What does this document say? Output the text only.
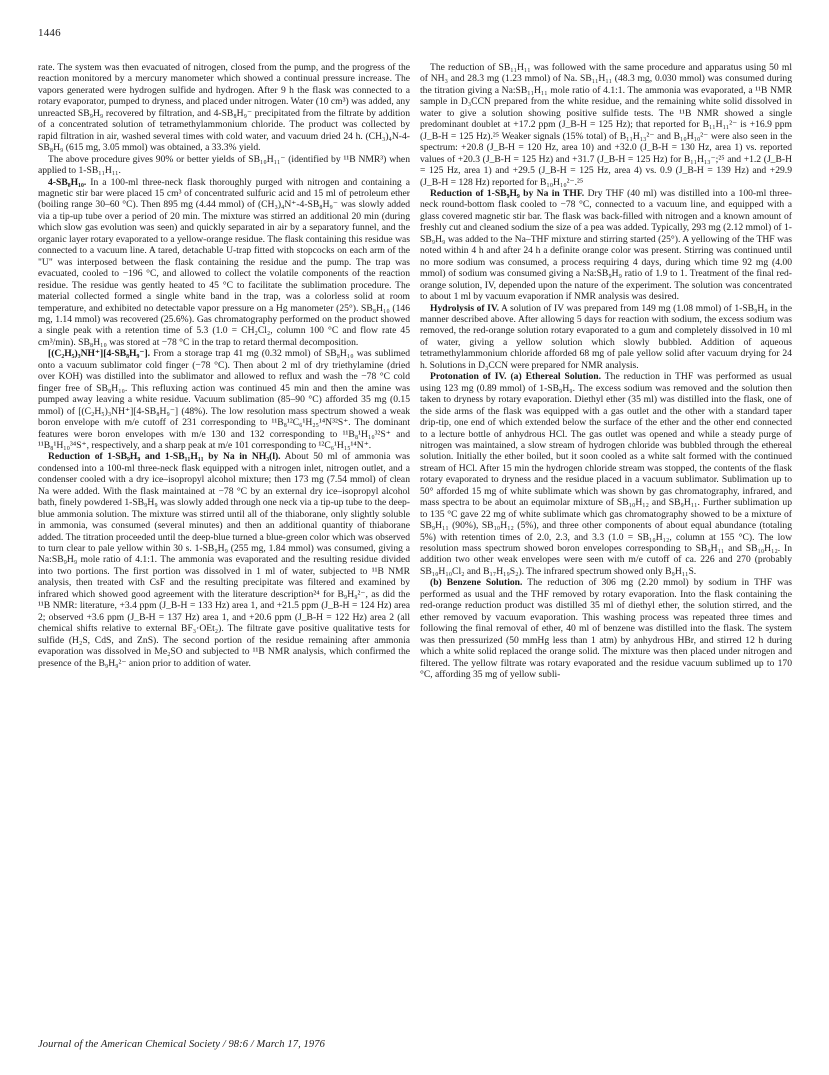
1446

rate. The system was then evacuated of nitrogen, closed from the pump, and the progress of the reaction monitored by a mercury manometer which showed a continual pressure increase. The vapors generated were hydrogen sulfide and hydrogen. After 9 h the flask was connected to a rotary evaporator, pumped to dryness, and placed under nitrogen. Water (10 cm³) was added, any unreacted SB₉H₉ recovered by filtration, and 4-SB₈H₉⁻ precipitated from the filtrate by addition of a concentrated solution of tetramethylammonium chloride. The product was collected by rapid filtration in air, washed several times with cold water, and vacuum dried 24 h. (CH₃)₄N-4-SB₈H₉ (615 mg, 3.05 mmol) was obtained, a 33.3% yield.

The above procedure gives 90% or better yields of SB₁₀H₁₁⁻ (identified by ¹¹B NMR³) when applied to 1-SB₁₁H₁₁.

4-SB₈H₁₀. In a 100-ml three-neck flask thoroughly purged with nitrogen and containing a magnetic stir bar were placed 15 cm³ of concentrated sulfuric acid and 15 ml of petroleum ether (boiling range 30–60 °C). Then 895 mg (4.44 mmol) of (CH₃)₄N⁺-4-SB₈H₉⁻ was slowly added via a tip-up tube over a period of 20 min. The mixture was stirred an additional 20 min (during which slow gas evolution was seen) and quickly separated in air by a separatory funnel, and the organic layer rotary evaporated to a yellow-orange residue. The flask containing this residue was connected to a vacuum line. A tared, detachable U-trap fitted with stopcocks on each arm of the "U" was interposed between the flask containing the residue and the pump. The trap was evacuated, cooled to −196 °C, and allowed to collect the volatile components of the reaction residue. The residue was gently heated to 45 °C to facilitate the sublimation procedure. The material collected formed a single white band in the trap, was a colorless solid at room temperature, and exhibited no detectable vapor pressure on a Hg manometer (25°). SB₈H₁₀ (146 mg, 1.14 mmol) was recovered (25.6%). Gas chromatography performed on the product showed a single peak with a retention time of 5.3 (1.0 = CH₂Cl₂, column 100 °C and flow rate 45 cm³/min). SB₈H₁₀ was stored at −78 °C in the trap to retard thermal decomposition.

[(C₂H₅)₃NH⁺][4-SB₈H₉⁻]. From a storage trap 41 mg (0.32 mmol) of SB₈H₁₀ was sublimed onto a vacuum sublimator cold finger (−78 °C). Then about 2 ml of dry triethylamine (dried over KOH) was distilled into the sublimator and allowed to reflux and wash the −78 °C cold finger free of SB₈H₁₀. This refluxing action was continued 45 min and then the amine was pumped away leaving a white residue. Vacuum sublimation (85–90 °C) afforded 35 mg (0.15 mmol) of [(C₂H₅)₃NH⁺][4-SB₈H₉⁻] (48%). The low resolution mass spectrum showed a weak boron envelope with m/e cutoff of 231 corresponding to ¹¹B₈¹²C₆¹H₂₅¹⁴N³²S⁺. The dominant features were boron envelopes with m/e 130 and 132 corresponding to ¹¹B₈¹H₁₀³²S⁺ and ¹¹B₈¹H₁₀³⁴S⁺, respectively, and a sharp peak at m/e 101 corresponding to ¹²C₆¹H₁₅¹⁴N⁺.

Reduction of 1-SB₉H₉ and 1-SB₁₁H₁₁ by Na in NH₃(l). About 50 ml of ammonia was condensed into a 100-ml three-neck flask equipped with a nitrogen inlet, nitrogen outlet, and a condenser cooled with a dry ice–isopropyl alcohol mixture; then 173 mg (7.54 mmol) of clean Na were added. With the flask maintained at −78 °C by an external dry ice–isopropyl alcohol bath, finely powdered 1-SB₉H₉ was slowly added through one neck via a tip-up tube to the deep-blue ammonia solution. The mixture was stirred until all of the thiaborane, only slightly soluble in ammonia, was consumed (several minutes) and then an additional quantity of thiaborane added. The titration proceeded until the deep-blue turned a blue-green color which was observed to turn clear to pale yellow within 30 s. 1-SB₉H₉ (255 mg, 1.84 mmol) was consumed, giving a Na:SB₉H₉ mole ratio of 4.1:1. The ammonia was evaporated and the resulting residue divided into two portions. The first portion was dissolved in 1 ml of water, subjected to ¹¹B NMR analysis, then treated with CsF and the resulting precipitate was filtered and examined by infrared which showed good agreement with the literature description²⁴ for B₉H₉²⁻, as did the ¹¹B NMR: literature, +3.4 ppm (J_B-H = 133 Hz) area 1, and +21.5 ppm (J_B-H = 124 Hz) area 2; observed +3.6 ppm (J_B-H = 137 Hz) area 1, and +20.6 ppm (J_B-H = 122 Hz) area 2 (all chemical shifts relative to external BF₃·OEt₂). The filtrate gave positive qualitative tests for sulfide (H₂S, CdS, and ZnS). The second portion of the residue remaining after ammonia evaporation was dissolved in Me₂SO and subjected to ¹¹B NMR analysis, which confirmed the presence of the B₉H₉²⁻ anion prior to addition of water.

The reduction of SB₁₁H₁₁ was followed with the same procedure and apparatus using 50 ml of NH₃ and 28.3 mg (1.23 mmol) of Na. SB₁₁H₁₁ (48.3 mg, 0.030 mmol) was consumed during the titration giving a Na:SB₁₁H₁₁ mole ratio of 4.1:1. The ammonia was evaporated, a ¹¹B NMR sample in D₃CCN prepared from the white residue, and the remaining white solid dissolved in water to give a solution showing positive sulfide tests. The ¹¹B NMR showed a single predominant doublet at +17.2 ppm (J_B-H = 125 Hz); that reported for B₁₁H₁₁²⁻ is +16.9 ppm (J_B-H = 125 Hz).²⁵ Weaker signals (15% total) of B₁₁H₁₃²⁻ and B₁₀H₁₀²⁻ were also seen in the spectrum: +20.8 (J_B-H = 120 Hz, area 10) and +32.0 (J_B-H = 130 Hz, area 1) vs. reported values of +20.3 (J_B-H = 125 Hz) and +31.7 (J_B-H = 125 Hz) for B₁₁H₁₃⁻;²⁵ and +1.2 (J_B-H = 125 Hz, area 1) and +29.5 (J_B-H = 125 Hz, area 4) vs. 0.9 (J_B-H = 139 Hz) and +29.9 (J_B-H = 128 Hz) reported for B₁₀H₁₀²⁻.²⁵

Reduction of 1-SB₉H₉ by Na in THF. Dry THF (40 ml) was distilled into a 100-ml three-neck round-bottom flask cooled to −78 °C, connected to a vacuum line, and equipped with a glass covered magnetic stir bar. The flask was back-filled with nitrogen and a known amount of freshly cut and cleaned sodium the size of a pea was added. Typically, 293 mg (2.12 mmol) of 1-SB₉H₉ was added to the Na–THF mixture and stirring started (25°). A yellowing of the THF was noted within 4 h and after 24 h a definite orange color was present. Stirring was continued until no more sodium was consumed, a process requiring 4 days, during which time 92 mg (4.00 mmol) of sodium was consumed giving a Na:SB₉H₉ ratio of 1.9 to 1. Treatment of the final red-orange solution, IV, depended upon the nature of the experiment. The solution was concentrated to about 1 ml by vacuum evaporation if NMR analysis was desired.

Hydrolysis of IV. A solution of IV was prepared from 149 mg (1.08 mmol) of 1-SB₉H₉ in the manner described above. After allowing 5 days for reaction with sodium, the excess sodium was removed, the red-orange solution rotary evaporated to a gum and completely dissolved in 10 ml of water, giving a yellow solution which slowly bubbled. Addition of aqueous tetramethylammonium chloride afforded 68 mg of pale yellow solid after vacuum drying for 24 h. Solutions in D₃CCN were prepared for NMR analysis.

Protonation of IV. (a) Ethereal Solution. The reduction in THF was performed as usual using 123 mg (0.89 mmol) of 1-SB₉H₉. The excess sodium was removed and the solution then taken to dryness by rotary evaporation. Diethyl ether (35 ml) was distilled into the flask, one of the side arms of the flask was equipped with a gas outlet and the other with a standard taper drip-tip, one end of which extended below the surface of the ether and the other end connected to a lecture bottle of anhydrous HCl. The gas outlet was opened and while a steady purge of nitrogen was maintained, a slow stream of hydrogen chloride was bubbled through the ethereal solution. Initially the ether boiled, but it soon cooled as a white salt formed with the continued stream of HCl. After 15 min the hydrogen chloride stream was stopped, the contents of the flask rotary evaporated to dryness and the residue placed in a vacuum sublimator. Sublimation up to 50° afforded 15 mg of white sublimate which was shown by gas chromatography, infrared, and mass spectra to be about an equimolar mixture of SB₁₀H₁₂ and SB₉H₁₁. Further sublimation up to 135 °C gave 22 mg of white sublimate which gas chromatography showed to be a mixture of SB₉H₁₁ (90%), SB₁₀H₁₂ (5%), and three other components of about equal abundance (totaling 5%) with retention times of 2.0, 2.3, and 3.3 (1.0 = SB₁₀H₁₂, column at 155 °C). The low resolution mass spectrum showed boron envelopes corresponding to SB₉H₁₁ and SB₁₀H₁₂. In addition two other weak envelopes were seen with m/e cutoff of ca. 226 and 270 (probably SB₁₀H₁₀Cl₂ and B₁₇H₁₉S₂). The infrared spectrum showed only B₉H₁₁S.

(b) Benzene Solution. The reduction of 306 mg (2.20 mmol) by sodium in THF was performed as usual and the THF removed by rotary evaporation. Into the flask containing the red-orange reduction product was distilled 35 ml of diethyl ether, the solution stirred, and the ether removed by vacuum evaporation. This washing process was repeated three times and following the final removal of ether, 40 ml of benzene was distilled into the flask. The system was then pressurized (50 mmHg less than 1 atm) by anhydrous HBr, and stirred 12 h during which a white solid replaced the orange solid. The mixture was then placed under nitrogen and filtered. The yellow filtrate was rotary evaporated and the residue vacuum sublimed up to 170 °C, affording 35 mg of yellow subli-

Journal of the American Chemical Society / 98:6 / March 17, 1976
